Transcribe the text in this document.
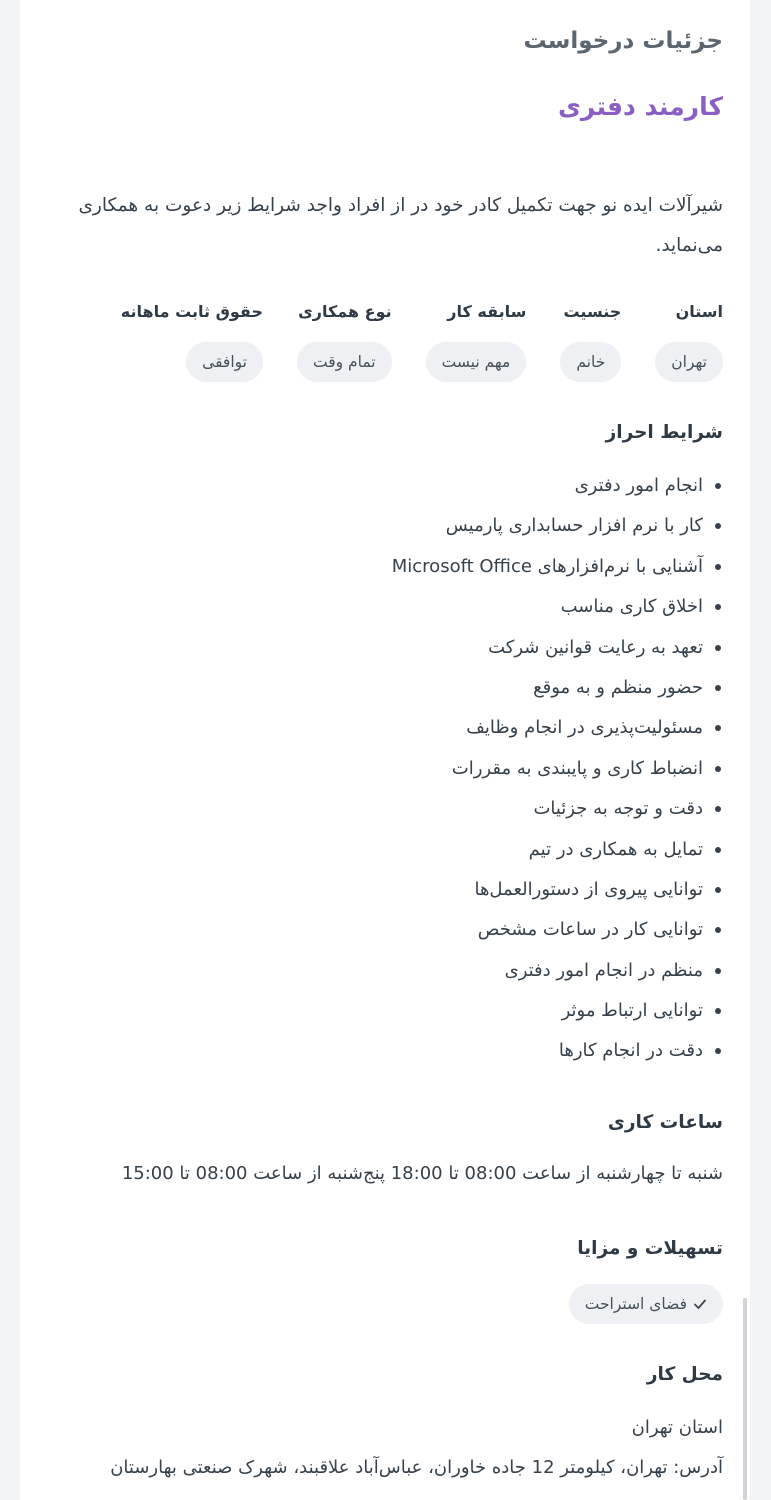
جزئیات درخواست
کارمند دفتری

شیرآلات ایده نو جهت تکمیل کادر خود در از افراد واجد شرایط زیر دعوت به همکاری می‌نماید.

استان
تهران
جنسیت
خانم
سابقه کار
مهم نیست
نوع همکاری
تمام وقت
حقوق ثابت ماهانه
توافقی
شرایط احراز
انجام امور دفتری
کار با نرم افزار حسابداری پارمیس
آشنایی با نرم‌افزارهای Microsoft Office
اخلاق کاری مناسب
تعهد به رعایت قوانین شرکت
حضور منظم و به موقع
مسئولیت‌پذیری در انجام وظایف
انضباط کاری و پایبندی به مقررات
دقت و توجه به جزئیات
تمایل به همکاری در تیم
توانایی پیروی از دستورالعمل‌ها
توانایی کار در ساعات مشخص
منظم در انجام امور دفتری
توانایی ارتباط موثر
دقت در انجام کارها
ساعات کاری
شنبه تا چهارشنبه از ساعت 08:00 تا 18:00 پنج‌شنبه از ساعت 08:00 تا 15:00
تسهیلات و مزایا
فضای استراحت
محل کار
استان تهران
آدرس: تهران، کیلومتر 12 جاده خاوران، عباس‌آباد علاقبند، شهرک صنعتی بهارستان
